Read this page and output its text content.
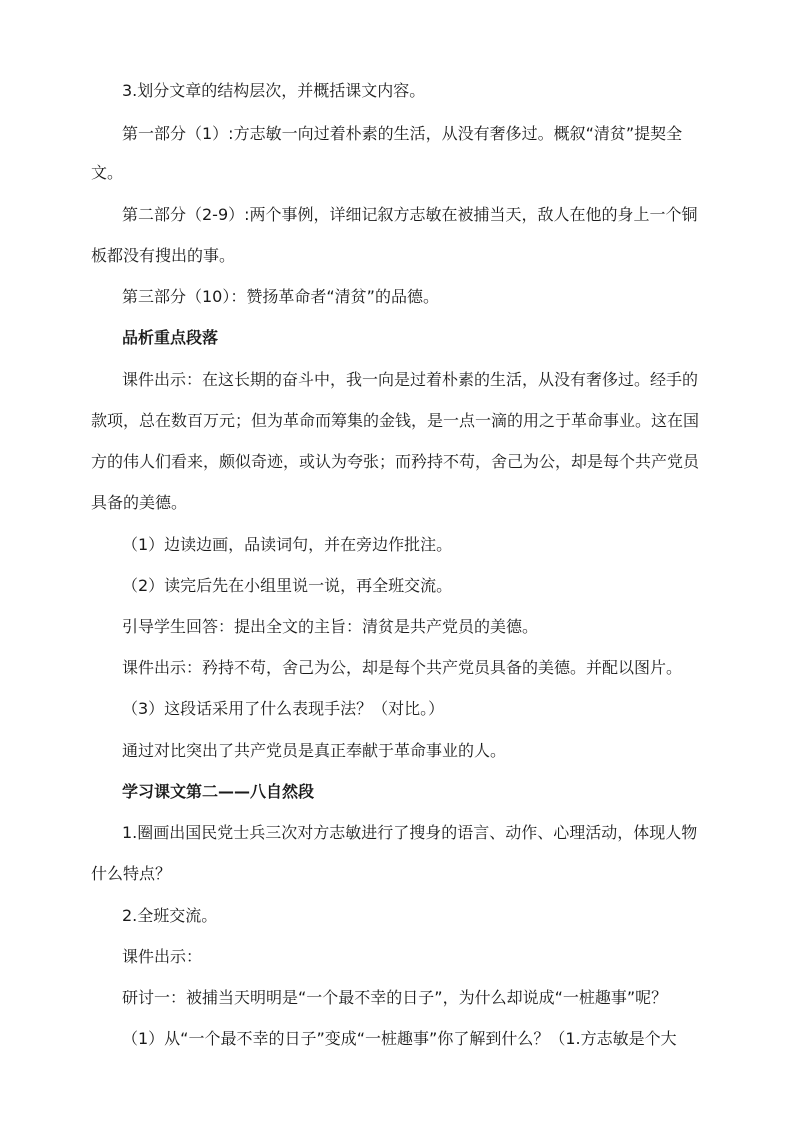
3.划分文章的结构层次，并概括课文内容。
第一部分（1）:方志敏一向过着朴素的生活，从没有奢侈过。概叙“清贫”提契全
文。
第二部分（2-9）:两个事例，详细记叙方志敏在被捕当天，敌人在他的身上一个铜
板都没有搜出的事。
第三部分（10）：赞扬革命者“清贫”的品德。
品析重点段落
课件出示：在这长期的奋斗中，我一向是过着朴素的生活，从没有奢侈过。经手的
款项，总在数百万元；但为革命而筹集的金钱，是一点一滴的用之于革命事业。这在国
方的伟人们看来，颇似奇迹，或认为夸张；而矜持不苟，舍己为公，却是每个共产党员
具备的美德。
（1）边读边画，品读词句，并在旁边作批注。
（2）读完后先在小组里说一说，再全班交流。
引导学生回答：提出全文的主旨：清贫是共产党员的美德。
课件出示：矜持不苟，舍己为公，却是每个共产党员具备的美德。并配以图片。
（3）这段话采用了什么表现手法？（对比。）
通过对比突出了共产党员是真正奉献于革命事业的人。
学习课文第二——八自然段
1.圈画出国民党士兵三次对方志敏进行了搜身的语言、动作、心理活动，体现人物
什么特点？
2.全班交流。
课件出示：
研讨一：被捕当天明明是“一个最不幸的日子”，为什么却说成“一桩趣事”呢？
（1）从“一个最不幸的日子”变成“一桩趣事”你了解到什么？（1.方志敏是个大
